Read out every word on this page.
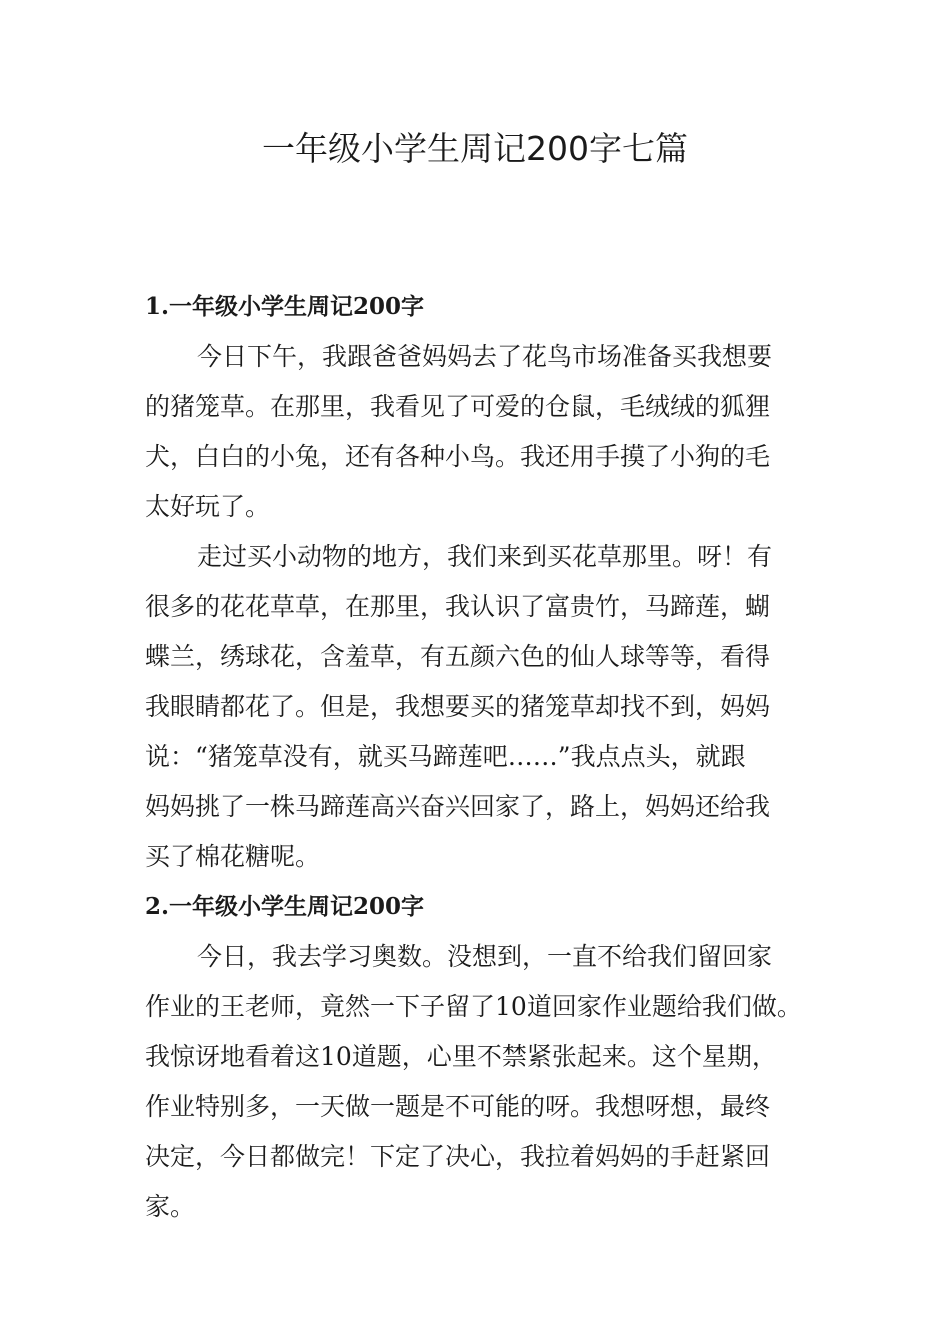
一年级小学生周记200字七篇
1.一年级小学生周记200字

今日下午，我跟爸爸妈妈去了花鸟市场准备买我想要
的猪笼草。在那里，我看见了可爱的仓鼠，毛绒绒的狐狸
犬，白白的小兔，还有各种小鸟。我还用手摸了小狗的毛
太好玩了。

走过买小动物的地方，我们来到买花草那里。呀！有
很多的花花草草，在那里，我认识了富贵竹，马蹄莲，蝴
蝶兰，绣球花，含羞草，有五颜六色的仙人球等等，看得
我眼睛都花了。但是，我想要买的猪笼草却找不到，妈妈
说：“猪笼草没有，就买马蹄莲吧……”我点点头，就跟
妈妈挑了一株马蹄莲高兴奋兴回家了，路上，妈妈还给我
买了棉花糖呢。

2.一年级小学生周记200字

今日，我去学习奥数。没想到，一直不给我们留回家
作业的王老师，竟然一下子留了10道回家作业题给我们做。
我惊讶地看着这10道题，心里不禁紧张起来。这个星期，
作业特别多，一天做一题是不可能的呀。我想呀想，最终
决定，今日都做完！下定了决心，我拉着妈妈的手赶紧回
家。
